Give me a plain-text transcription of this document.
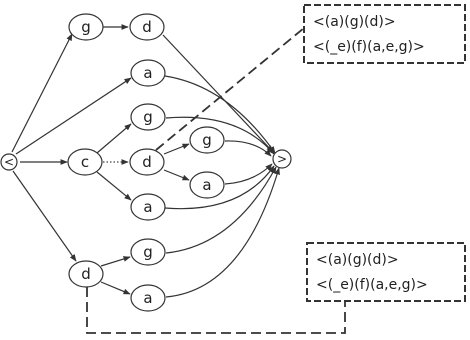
<	>
g	d
a
g
c	d
g
a
a
d
g
a
<(a)(g)(d)>
<(_e)(f)(a,e,g)>
<(a)(g)(d)>
<(_e)(f)(a,e,g)>
